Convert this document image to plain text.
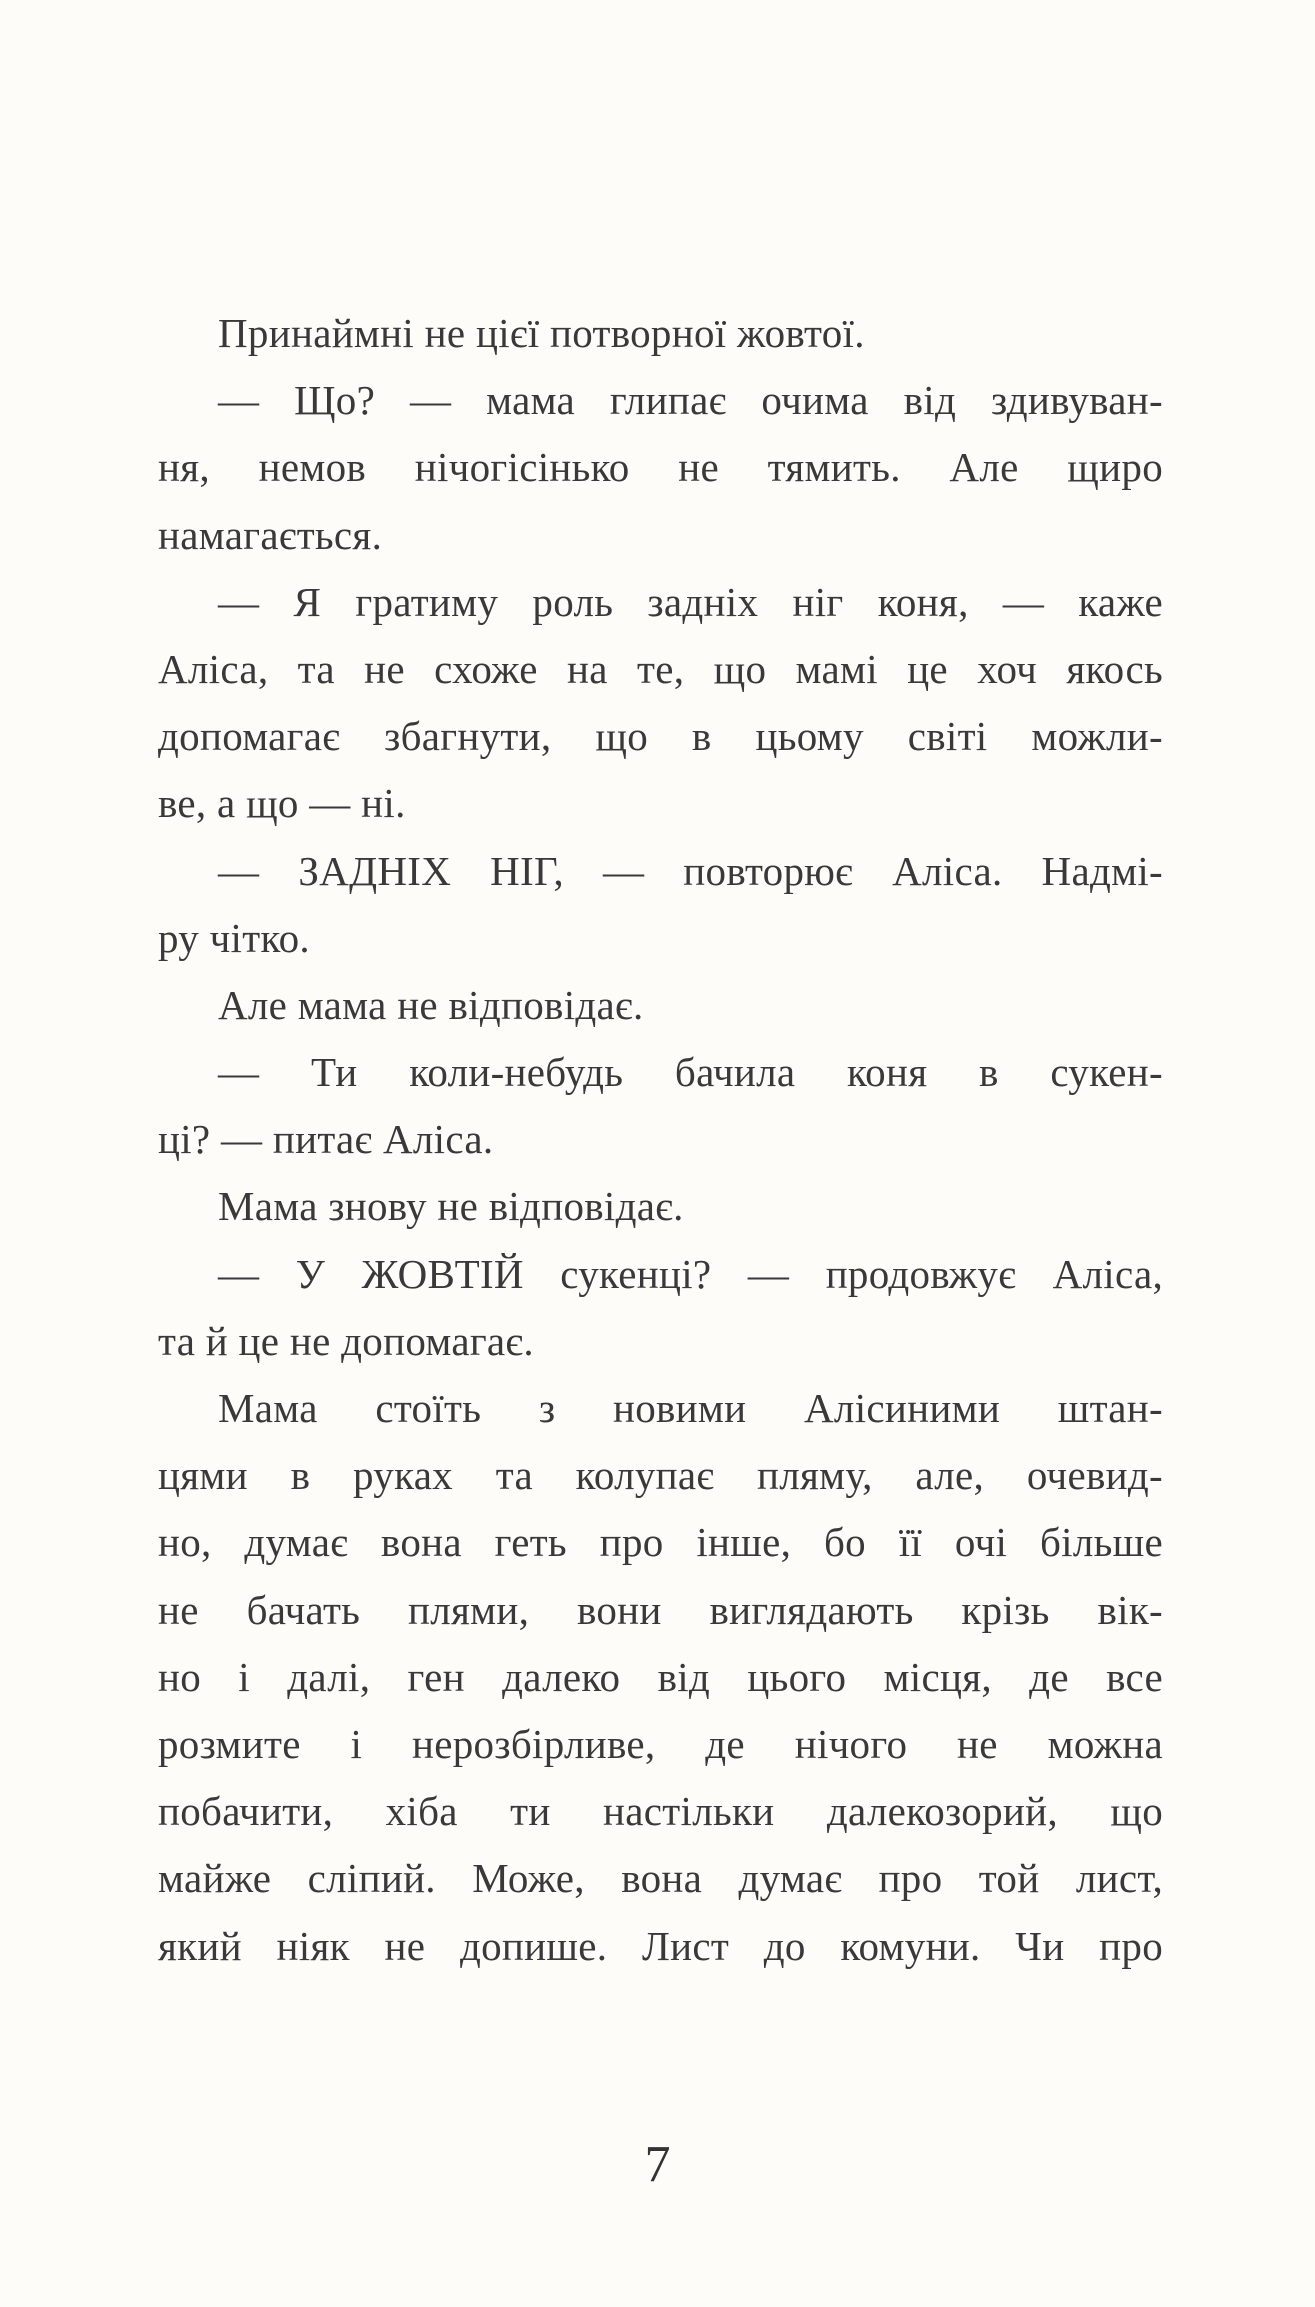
Принаймні не цієї потворної жовтої.
— Що? — мама глипає очима від здивуван-
ня, немов нічогісінько не тямить. Але щиро
намагається.
— Я гратиму роль задніх ніг коня, — каже
Аліса, та не схоже на те, що мамі це хоч якось
допомагає збагнути, що в цьому світі можли-
ве, а що — ні.
— ЗАДНІХ НІГ, — повторює Аліса. Надмі-
ру чітко.
Але мама не відповідає.
— Ти коли-небудь бачила коня в сукен-
ці? — питає Аліса.
Мама знову не відповідає.
— У ЖОВТІЙ сукенці? — продовжує Аліса,
та й це не допомагає.
Мама стоїть з новими Алісиними штан-
цями в руках та колупає пляму, але, очевид-
но, думає вона геть про інше, бо її очі більше
не бачать плями, вони виглядають крізь вік-
но і далі, ген далеко від цього місця, де все
розмите і нерозбірливе, де нічого не можна
побачити, хіба ти настільки далекозорий, що
майже сліпий. Може, вона думає про той лист,
який ніяк не допише. Лист до комуни. Чи про
7
